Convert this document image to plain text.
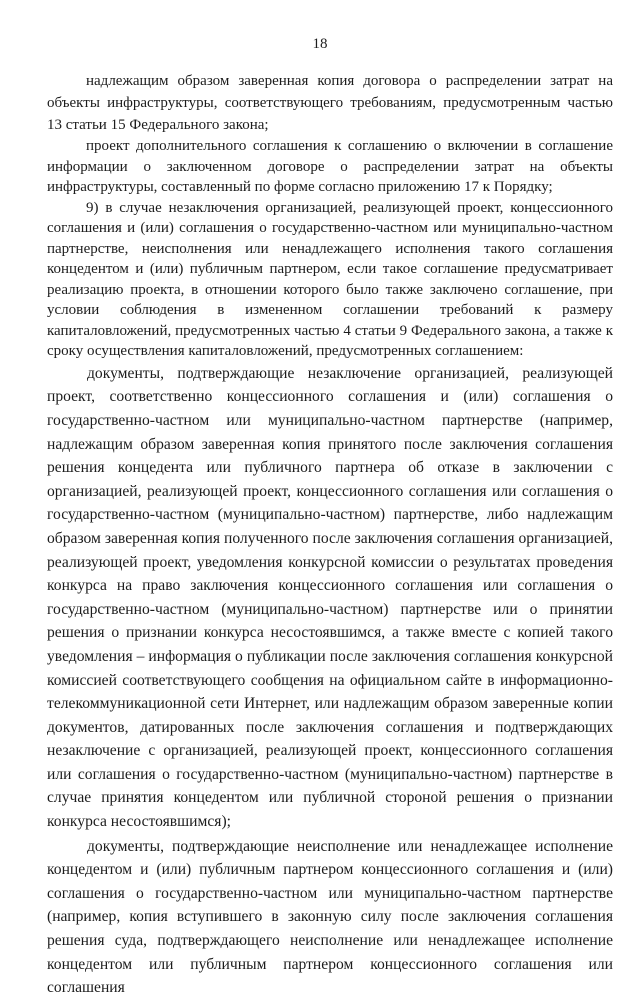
18

надлежащим образом заверенная копия договора о распределении затрат на объекты инфраструктуры, соответствующего требованиям, предусмотренным частью 13 статьи 15 Федерального закона;

проект дополнительного соглашения к соглашению о включении в соглашение информации о заключенном договоре о распределении затрат на объекты инфраструктуры, составленный по форме согласно приложению 17 к Порядку;

9) в случае незаключения организацией, реализующей проект, концессионного соглашения и (или) соглашения о государственно-частном или муниципально-частном партнерстве, неисполнения или ненадлежащего исполнения такого соглашения концедентом и (или) публичным партнером, если такое соглашение предусматривает реализацию проекта, в отношении которого было также заключено соглашение, при условии соблюдения в измененном соглашении требований к размеру капиталовложений, предусмотренных частью 4 статьи 9 Федерального закона, а также к сроку осуществления капиталовложений, предусмотренных соглашением:

документы, подтверждающие незаключение организацией, реализующей проект, соответственно концессионного соглашения и (или) соглашения о государственно-частном или муниципально-частном партнерстве (например, надлежащим образом заверенная копия принятого после заключения соглашения решения концедента или публичного партнера об отказе в заключении с организацией, реализующей проект, концессионного соглашения или соглашения о государственно-частном (муниципально-частном) партнерстве, либо надлежащим образом заверенная копия полученного после заключения соглашения организацией, реализующей проект, уведомления конкурсной комиссии о результатах проведения конкурса на право заключения концессионного соглашения или соглашения о государственно-частном (муниципально-частном) партнерстве или о принятии решения о признании конкурса несостоявшимся, а также вместе с копией такого уведомления – информация о публикации после заключения соглашения конкурсной комиссией соответствующего сообщения на официальном сайте в информационно-телекоммуникационной сети Интернет, или надлежащим образом заверенные копии документов, датированных после заключения соглашения и подтверждающих незаключение с организацией, реализующей проект, концессионного соглашения или соглашения о государственно-частном (муниципально-частном) партнерстве в случае принятия концедентом или публичной стороной решения о признании конкурса несостоявшимся);

документы, подтверждающие неисполнение или ненадлежащее исполнение концедентом и (или) публичным партнером концессионного соглашения и (или) соглашения о государственно-частном или муниципально-частном партнерстве (например, копия вступившего в законную силу после заключения соглашения решения суда, подтверждающего неисполнение или ненадлежащее исполнение концедентом или публичным партнером концессионного соглашения или соглашения
